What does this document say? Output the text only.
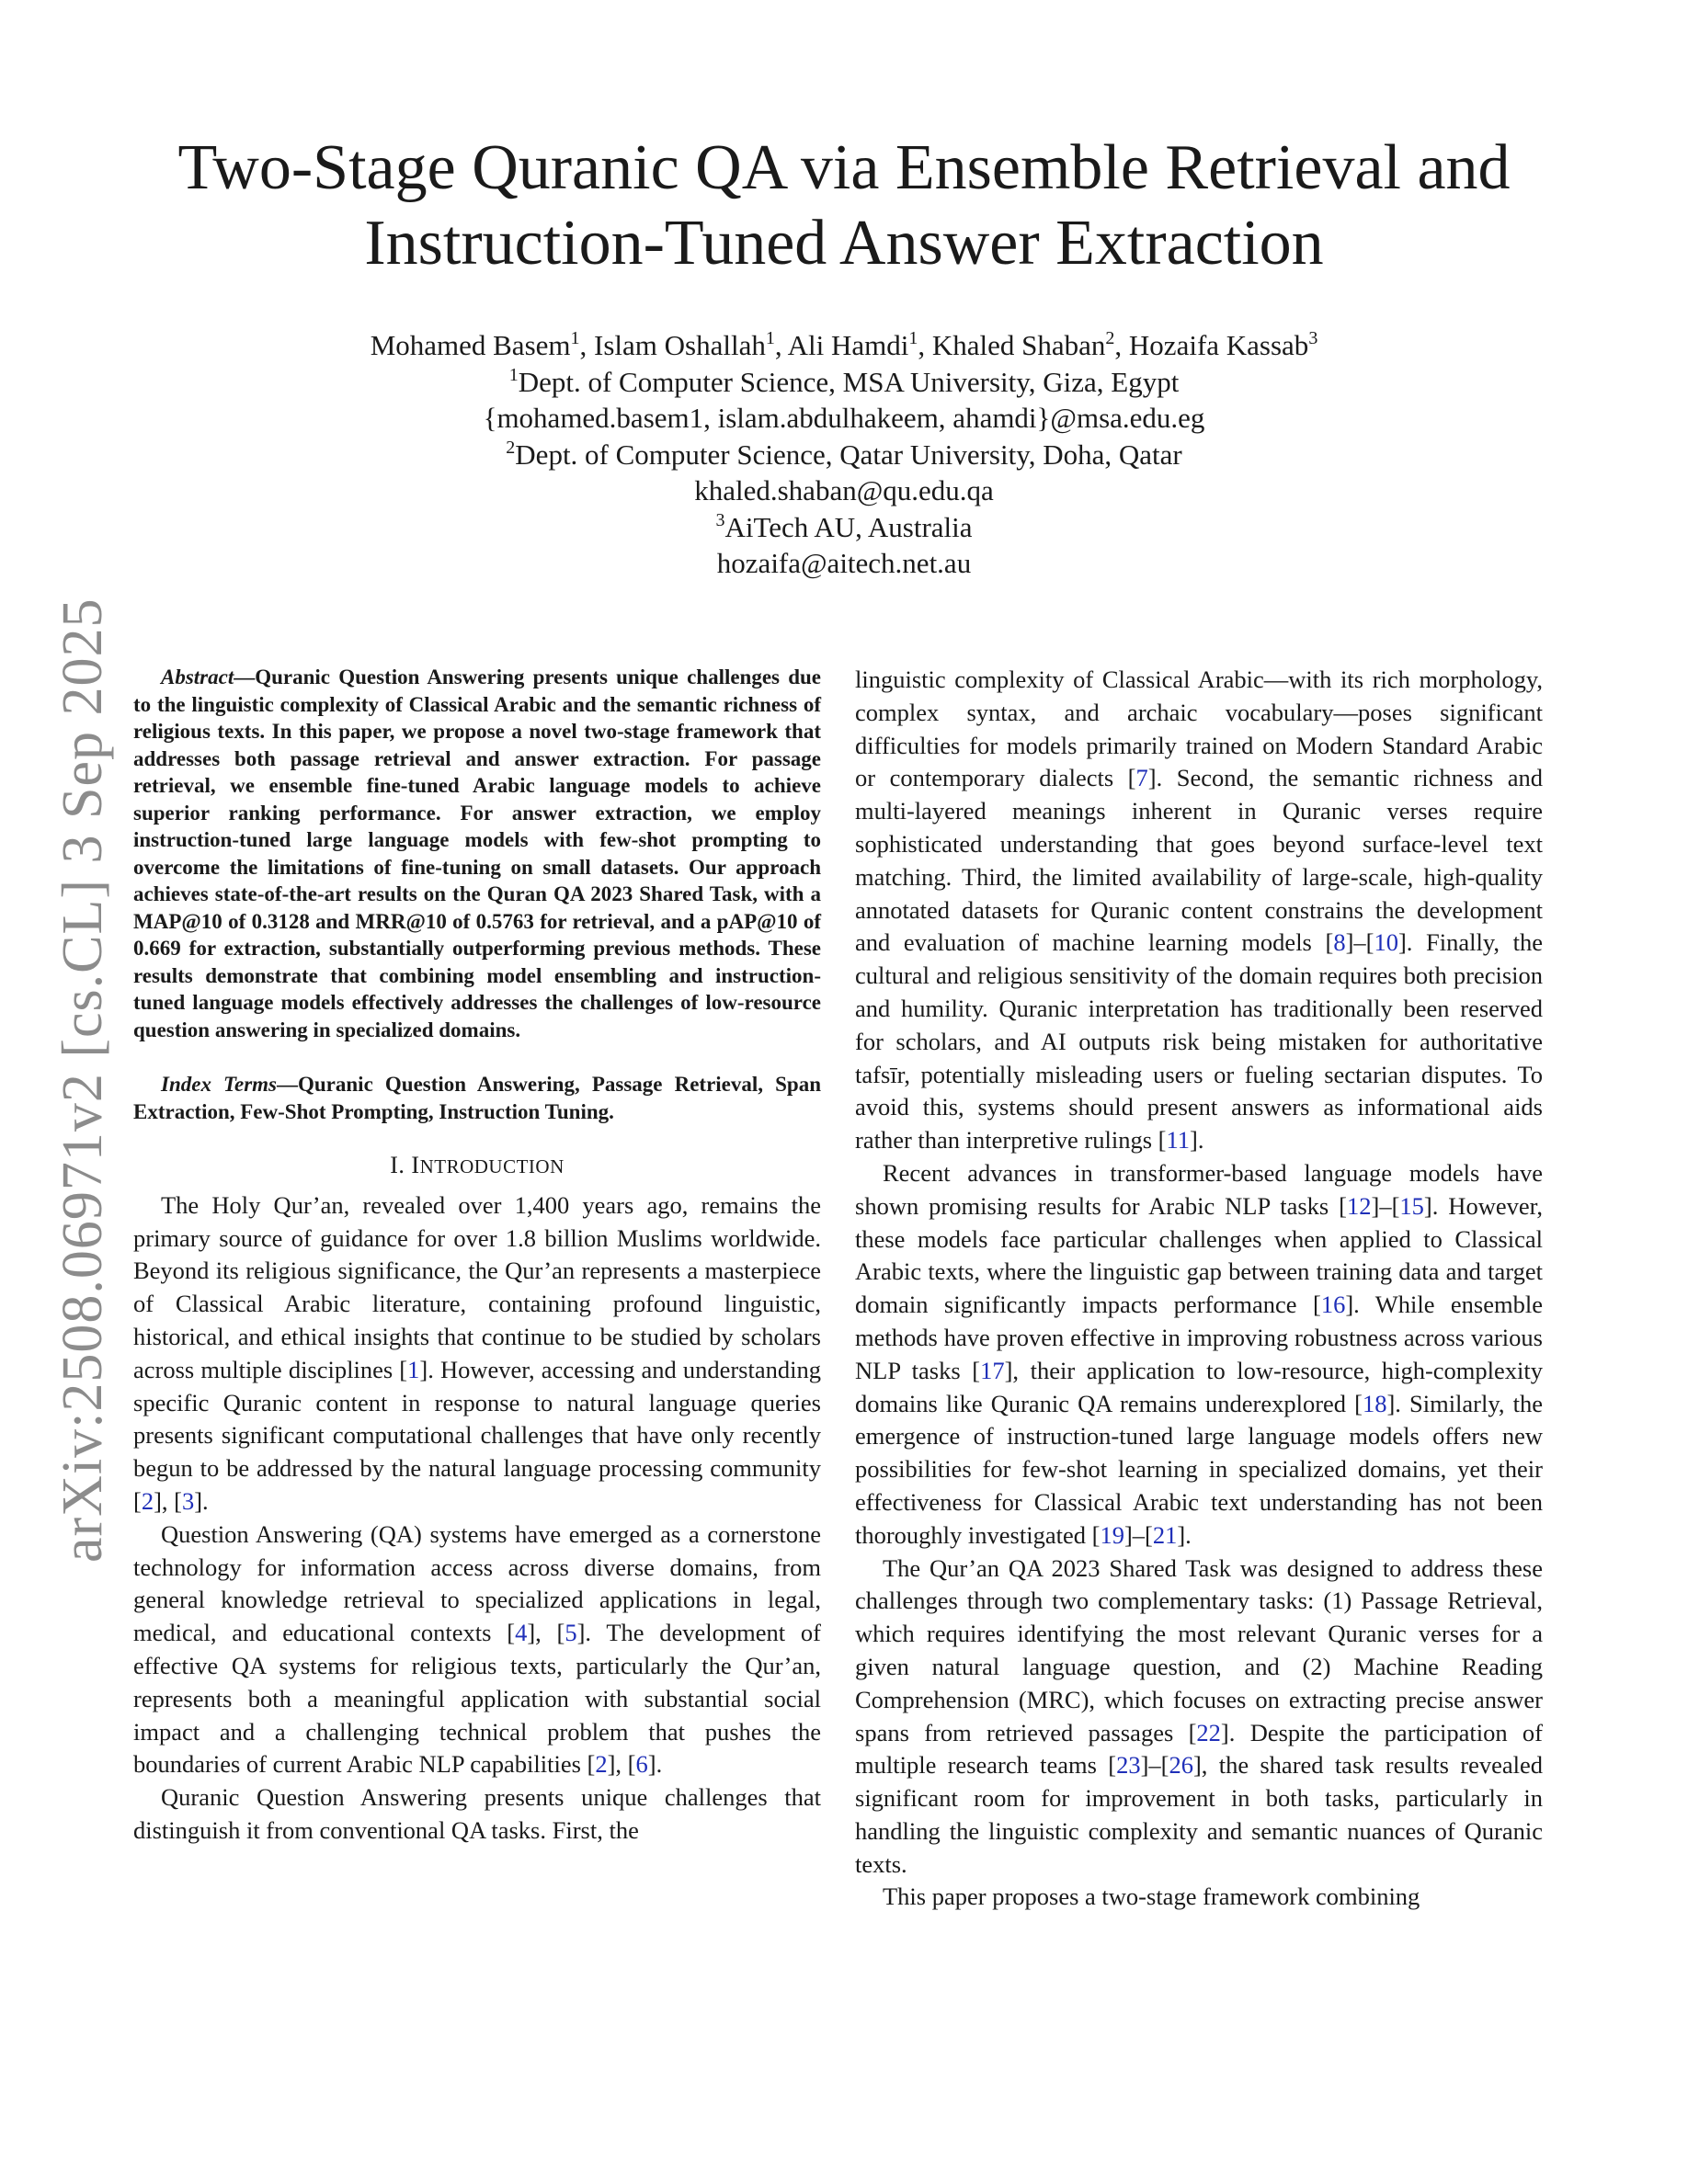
arXiv:2508.06971v2 [cs.CL] 3 Sep 2025
Two-Stage Quranic QA via Ensemble Retrieval and
Instruction-Tuned Answer Extraction
Mohamed Basem$^1$, Islam Oshallah$^1$, Ali Hamdi$^1$, Khaled Shaban$^2$, Hozaifa Kassab$^3$
$^1$Dept. of Computer Science, MSA University, Giza, Egypt
{mohamed.basem1, islam.abdulhakeem, ahamdi}@msa.edu.eg
$^2$Dept. of Computer Science, Qatar University, Doha, Qatar
khaled.shaban@qu.edu.qa
$^3$AiTech AU, Australia
hozaifa@aitech.net.au

Abstract—Quranic Question Answering presents unique challenges due to the linguistic complexity of Classical Arabic and the semantic richness of religious texts. In this paper, we propose a novel two-stage framework that addresses both passage retrieval and answer extraction. For passage retrieval, we ensemble fine-tuned Arabic language models to achieve superior ranking performance. For answer extraction, we employ instruction-tuned large language models with few-shot prompting to overcome the limitations of fine-tuning on small datasets. Our approach achieves state-of-the-art results on the Quran QA 2023 Shared Task, with a MAP@10 of 0.3128 and MRR@10 of 0.5763 for retrieval, and a pAP@10 of 0.669 for extraction, substantially outperforming previous methods. These results demonstrate that combining model ensembling and instruction-tuned language models effectively addresses the challenges of low-resource question answering in specialized domains.

Index Terms—Quranic Question Answering, Passage Retrieval, Span Extraction, Few-Shot Prompting, Instruction Tuning.

I. INTRODUCTION

The Holy Qur’an, revealed over 1,400 years ago, remains the primary source of guidance for over 1.8 billion Muslims worldwide. Beyond its religious significance, the Qur’an represents a masterpiece of Classical Arabic literature, containing profound linguistic, historical, and ethical insights that continue to be studied by scholars across multiple disciplines [1]. However, accessing and understanding specific Quranic content in response to natural language queries presents significant computational challenges that have only recently begun to be addressed by the natural language processing community [2], [3].

Question Answering (QA) systems have emerged as a cornerstone technology for information access across diverse domains, from general knowledge retrieval to specialized applications in legal, medical, and educational contexts [4], [5]. The development of effective QA systems for religious texts, particularly the Qur’an, represents both a meaningful application with substantial social impact and a challenging technical problem that pushes the boundaries of current Arabic NLP capabilities [2], [6].

Quranic Question Answering presents unique challenges that distinguish it from conventional QA tasks. First, the

linguistic complexity of Classical Arabic—with its rich morphology, complex syntax, and archaic vocabulary—poses significant difficulties for models primarily trained on Modern Standard Arabic or contemporary dialects [7]. Second, the semantic richness and multi-layered meanings inherent in Quranic verses require sophisticated understanding that goes beyond surface-level text matching. Third, the limited availability of large-scale, high-quality annotated datasets for Quranic content constrains the development and evaluation of machine learning models [8]–[10]. Finally, the cultural and religious sensitivity of the domain requires both precision and humility. Quranic interpretation has traditionally been reserved for scholars, and AI outputs risk being mistaken for authoritative tafsīr, potentially misleading users or fueling sectarian disputes. To avoid this, systems should present answers as informational aids rather than interpretive rulings [11].

Recent advances in transformer-based language models have shown promising results for Arabic NLP tasks [12]–[15]. However, these models face particular challenges when applied to Classical Arabic texts, where the linguistic gap between training data and target domain significantly impacts performance [16]. While ensemble methods have proven effective in improving robustness across various NLP tasks [17], their application to low-resource, high-complexity domains like Quranic QA remains underexplored [18]. Similarly, the emergence of instruction-tuned large language models offers new possibilities for few-shot learning in specialized domains, yet their effectiveness for Classical Arabic text understanding has not been thoroughly investigated [19]–[21].

The Qur’an QA 2023 Shared Task was designed to address these challenges through two complementary tasks: (1) Passage Retrieval, which requires identifying the most relevant Quranic verses for a given natural language question, and (2) Machine Reading Comprehension (MRC), which focuses on extracting precise answer spans from retrieved passages [22]. Despite the participation of multiple research teams [23]–[26], the shared task results revealed significant room for improvement in both tasks, particularly in handling the linguistic complexity and semantic nuances of Quranic texts.

This paper proposes a two-stage framework combining
